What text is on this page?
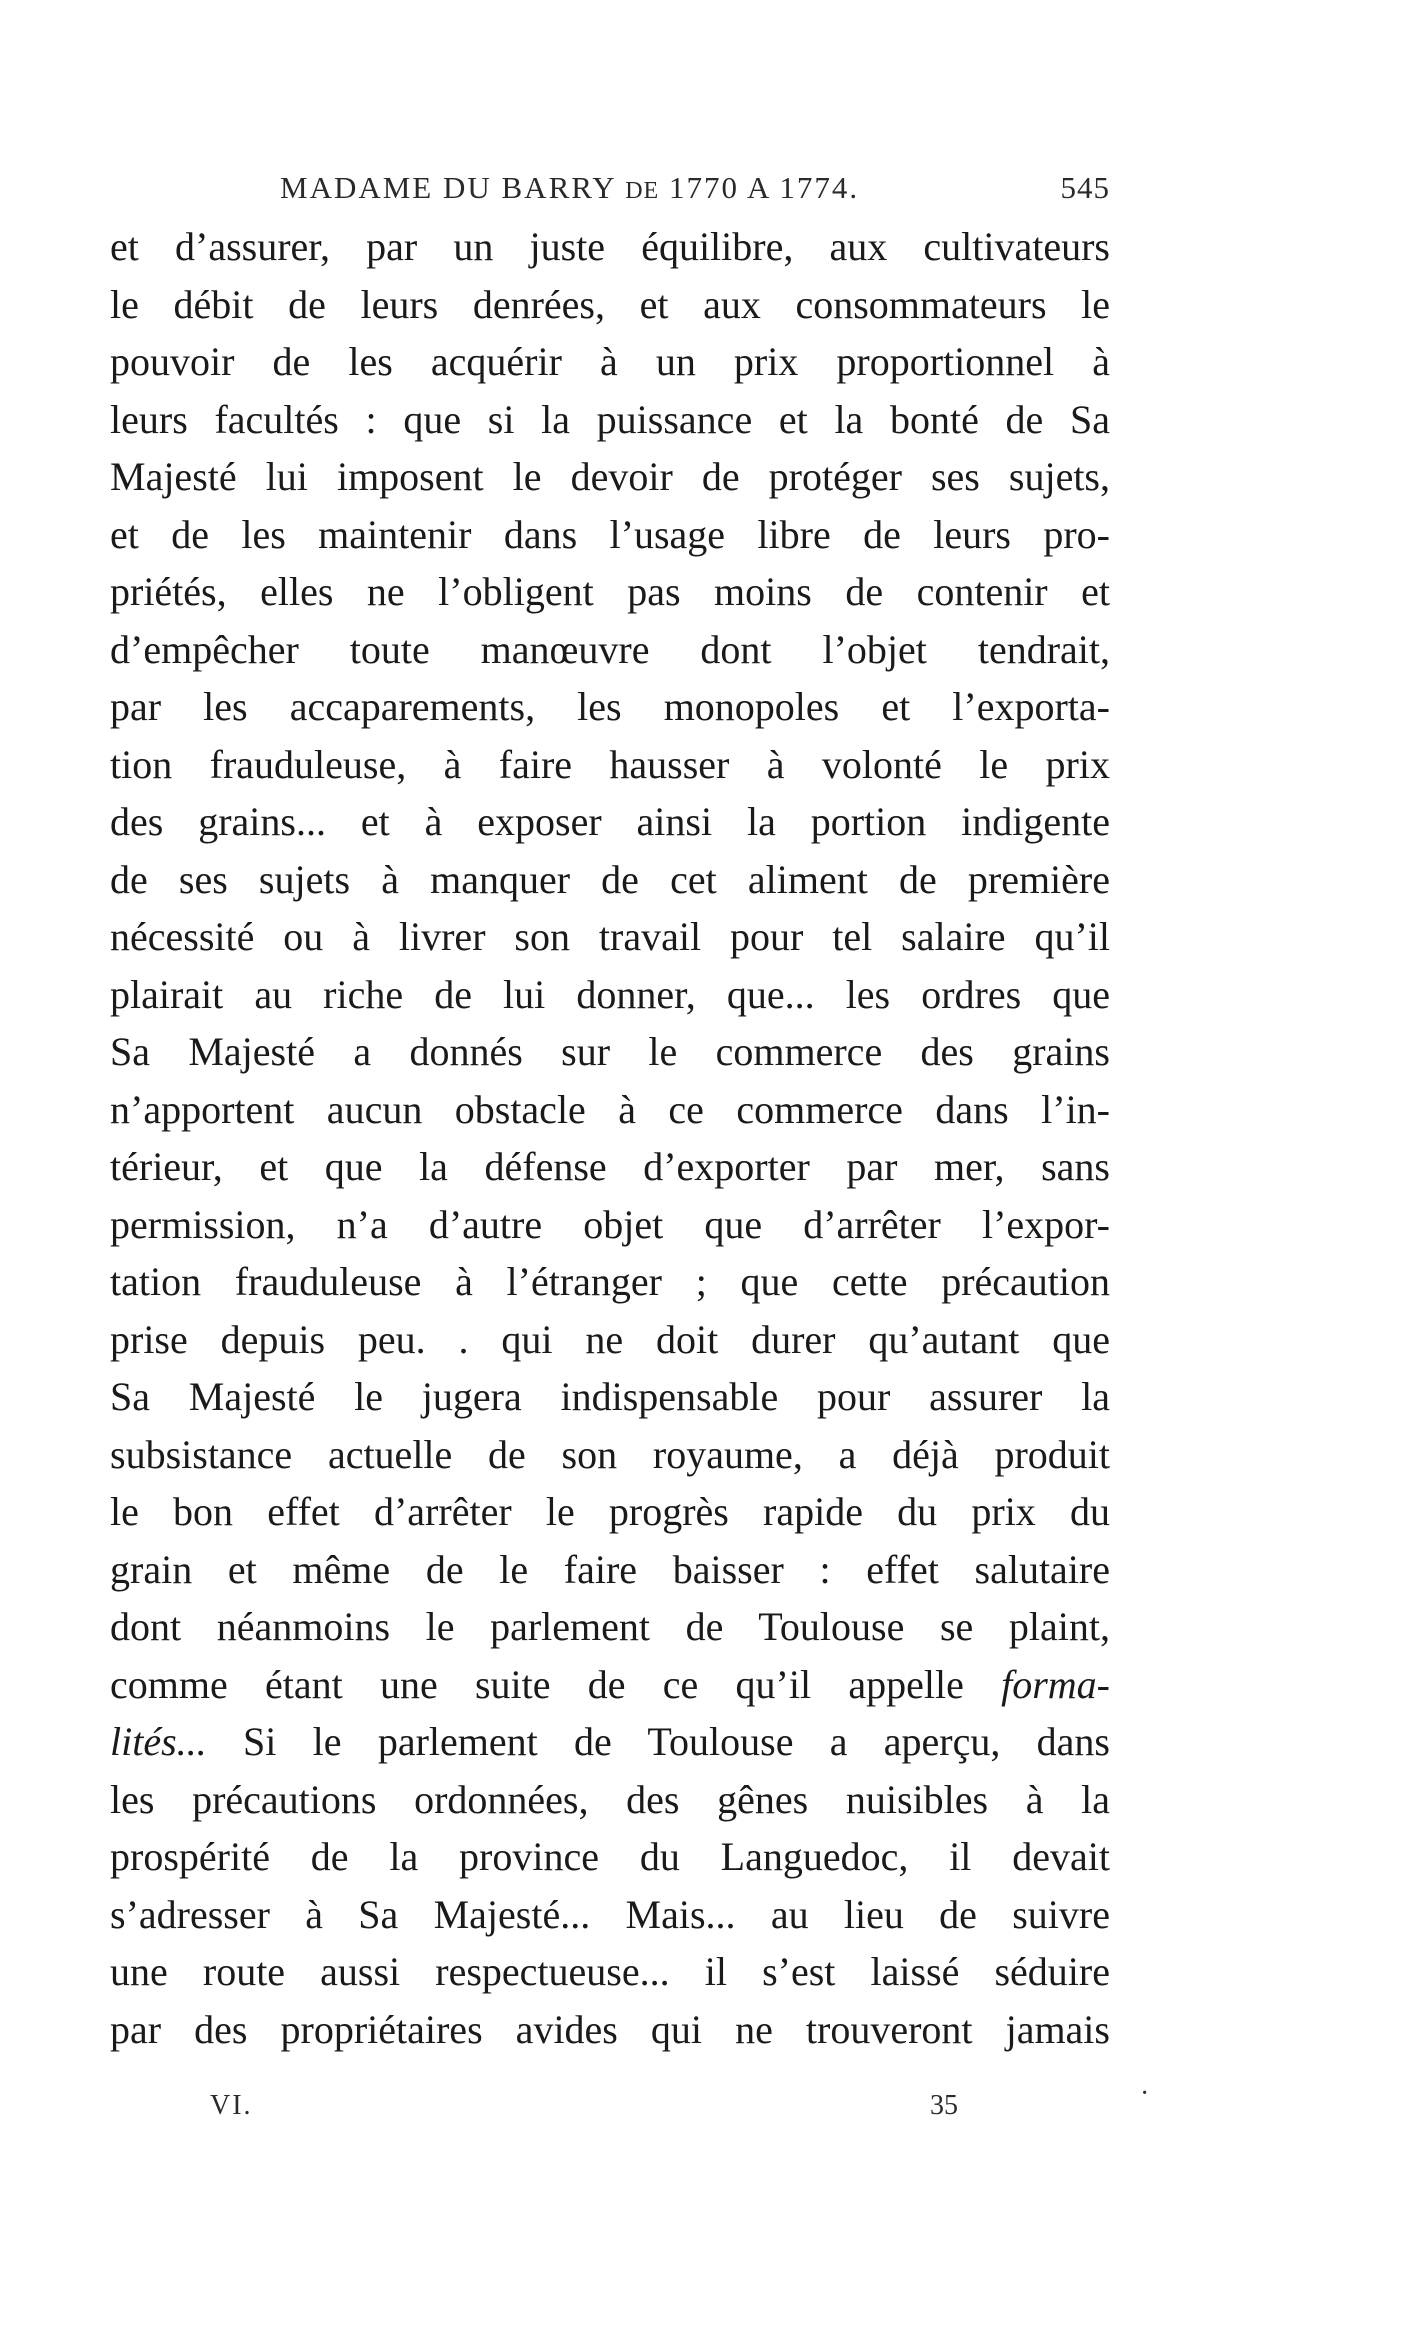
MADAME DU BARRY DE 1770 A 1774.	545
et d’assurer, par un juste équilibre, aux cultivateurs
le débit de leurs denrées, et aux consommateurs le
pouvoir de les acquérir à un prix proportionnel à
leurs facultés : que si la puissance et la bonté de Sa
Majesté lui imposent le devoir de protéger ses sujets,
et de les maintenir dans l’usage libre de leurs pro-
priétés, elles ne l’obligent pas moins de contenir et
d’empêcher toute manœuvre dont l’objet tendrait,
par les accaparements, les monopoles et l’exporta-
tion frauduleuse, à faire hausser à volonté le prix
des grains... et à exposer ainsi la portion indigente
de ses sujets à manquer de cet aliment de première
nécessité ou à livrer son travail pour tel salaire qu’il
plairait au riche de lui donner, que... les ordres que
Sa Majesté a donnés sur le commerce des grains
n’apportent aucun obstacle à ce commerce dans l’in-
térieur, et que la défense d’exporter par mer, sans
permission, n’a d’autre objet que d’arrêter l’expor-
tation frauduleuse à l’étranger ; que cette précaution
prise depuis peu. . qui ne doit durer qu’autant que
Sa Majesté le jugera indispensable pour assurer la
subsistance actuelle de son royaume, a déjà produit
le bon effet d’arrêter le progrès rapide du prix du
grain et même de le faire baisser : effet salutaire
dont néanmoins le parlement de Toulouse se plaint,
comme étant une suite de ce qu’il appelle forma-
lités... Si le parlement de Toulouse a aperçu, dans
les précautions ordonnées, des gênes nuisibles à la
prospérité de la province du Languedoc, il devait
s’adresser à Sa Majesté... Mais... au lieu de suivre
une route aussi respectueuse... il s’est laissé séduire
par des propriétaires avides qui ne trouveront jamais
·
VI.	35
